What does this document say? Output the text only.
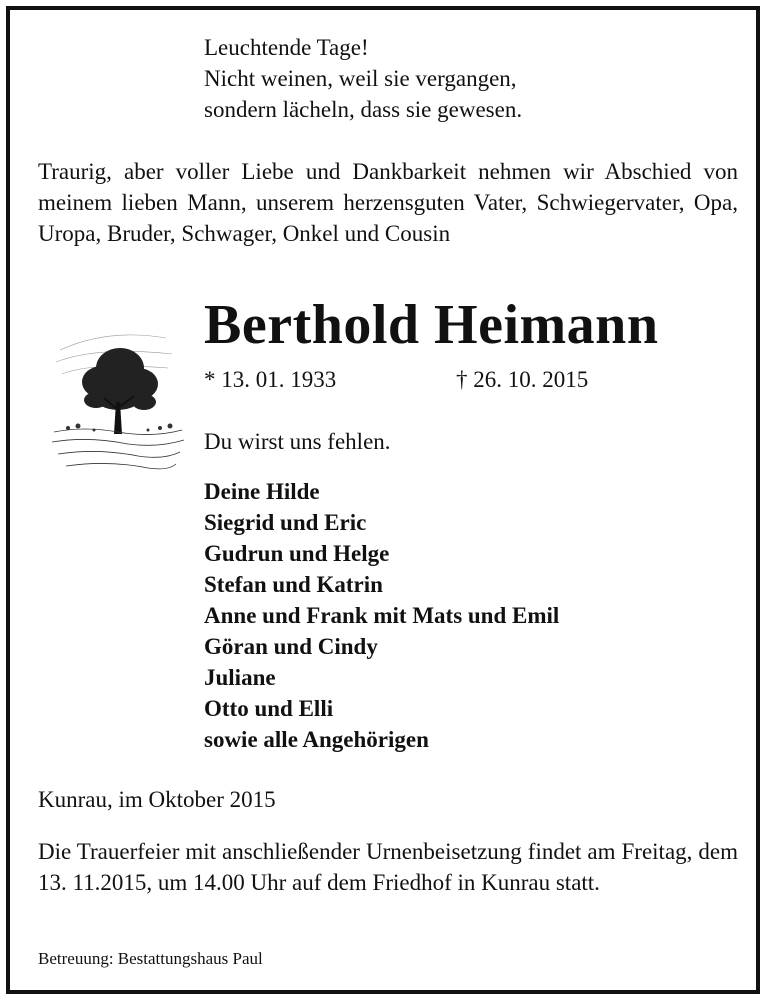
Leuchtende Tage!
Nicht weinen, weil sie vergangen,
sondern lächeln, dass sie gewesen.
Traurig, aber voller Liebe und Dankbarkeit nehmen wir Abschied von meinem lieben Mann, unserem herzensguten Vater, Schwiegervater, Opa, Uropa, Bruder, Schwager, Onkel und Cousin
Berthold Heimann
* 13. 01. 1933	† 26. 10. 2015
Du wirst uns fehlen.
Deine Hilde
Siegrid und Eric
Gudrun und Helge
Stefan und Katrin
Anne und Frank mit Mats und Emil
Göran und Cindy
Juliane
Otto und Elli
sowie alle Angehörigen
Kunrau, im Oktober 2015
Die Trauerfeier mit anschließender Urnenbeisetzung findet am Freitag, dem 13. 11.2015, um 14.00 Uhr auf dem Friedhof in Kunrau statt.
Betreuung: Bestattungshaus Paul
